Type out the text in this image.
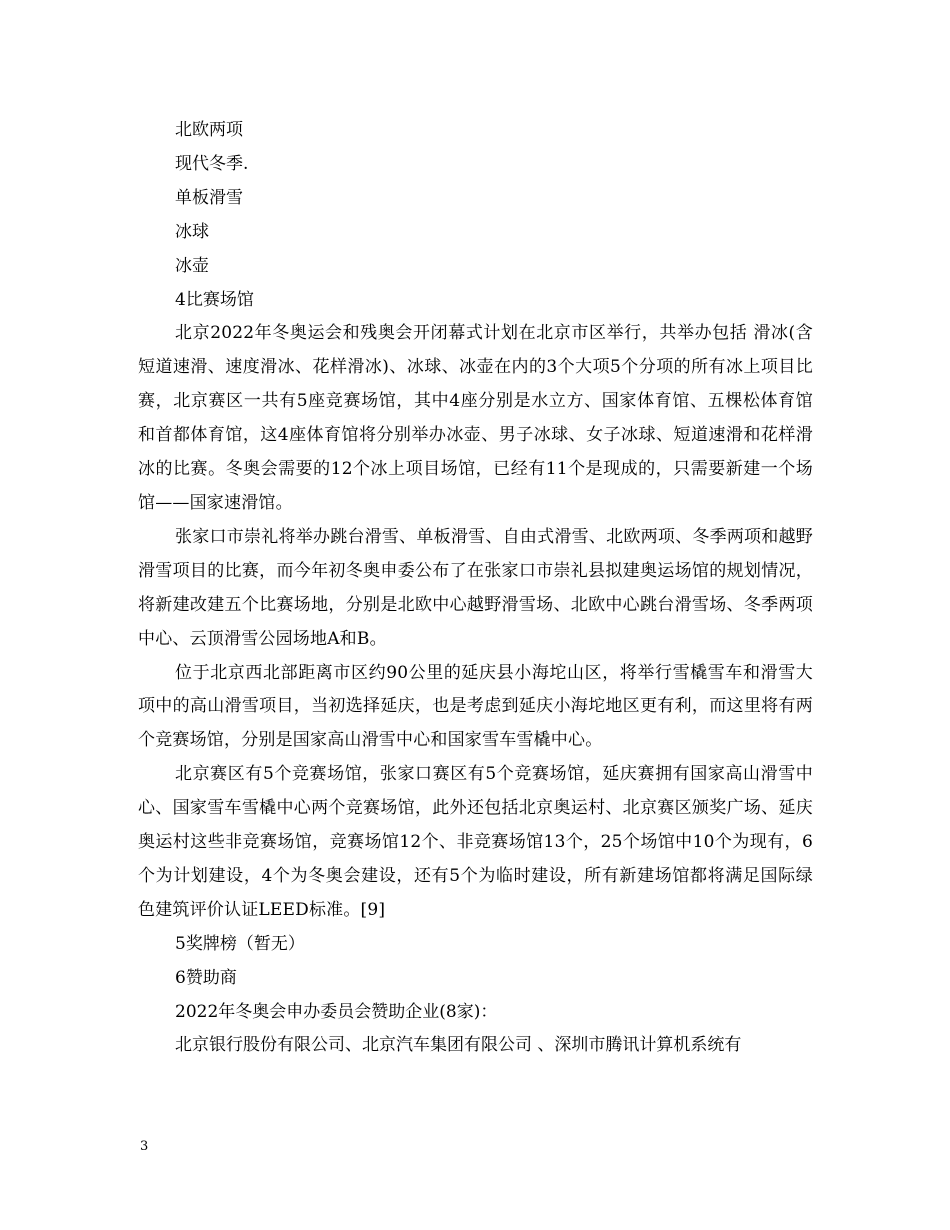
北欧两项

现代冬季.

单板滑雪

冰球

冰壶

4比赛场馆

北京2022年冬奥运会和残奥会开闭幕式计划在北京市区举行，共举办包括 滑冰(含短道速滑、速度滑冰、花样滑冰)、冰球、冰壶在内的3个大项5个分项的所有冰上项目比赛，北京赛区一共有5座竞赛场馆，其中4座分别是水立方、国家体育馆、五棵松体育馆和首都体育馆，这4座体育馆将分别举办冰壶、男子冰球、女子冰球、短道速滑和花样滑冰的比赛。冬奥会需要的12个冰上项目场馆，已经有11个是现成的，只需要新建一个场馆——国家速滑馆。

张家口市崇礼将举办跳台滑雪、单板滑雪、自由式滑雪、北欧两项、冬季两项和越野滑雪项目的比赛，而今年初冬奥申委公布了在张家口市崇礼县拟建奥运场馆的规划情况，将新建改建五个比赛场地，分别是北欧中心越野滑雪场、北欧中心跳台滑雪场、冬季两项中心、云顶滑雪公园场地A和B。

位于北京西北部距离市区约90公里的延庆县小海坨山区，将举行雪橇雪车和滑雪大项中的高山滑雪项目，当初选择延庆，也是考虑到延庆小海坨地区更有利，而这里将有两个竞赛场馆，分别是国家高山滑雪中心和国家雪车雪橇中心。

北京赛区有5个竞赛场馆，张家口赛区有5个竞赛场馆，延庆赛拥有国家高山滑雪中心、国家雪车雪橇中心两个竞赛场馆，此外还包括北京奥运村、北京赛区颁奖广场、延庆奥运村这些非竞赛场馆，竞赛场馆12个、非竞赛场馆13个，25个场馆中10个为现有，6个为计划建设，4个为冬奥会建设，还有5个为临时建设，所有新建场馆都将满足国际绿色建筑评价认证LEED标准。[9]

5奖牌榜（暂无）

6赞助商

2022年冬奥会申办委员会赞助企业(8家)：

北京银行股份有限公司、北京汽车集团有限公司 、深圳市腾讯计算机系统有

3
